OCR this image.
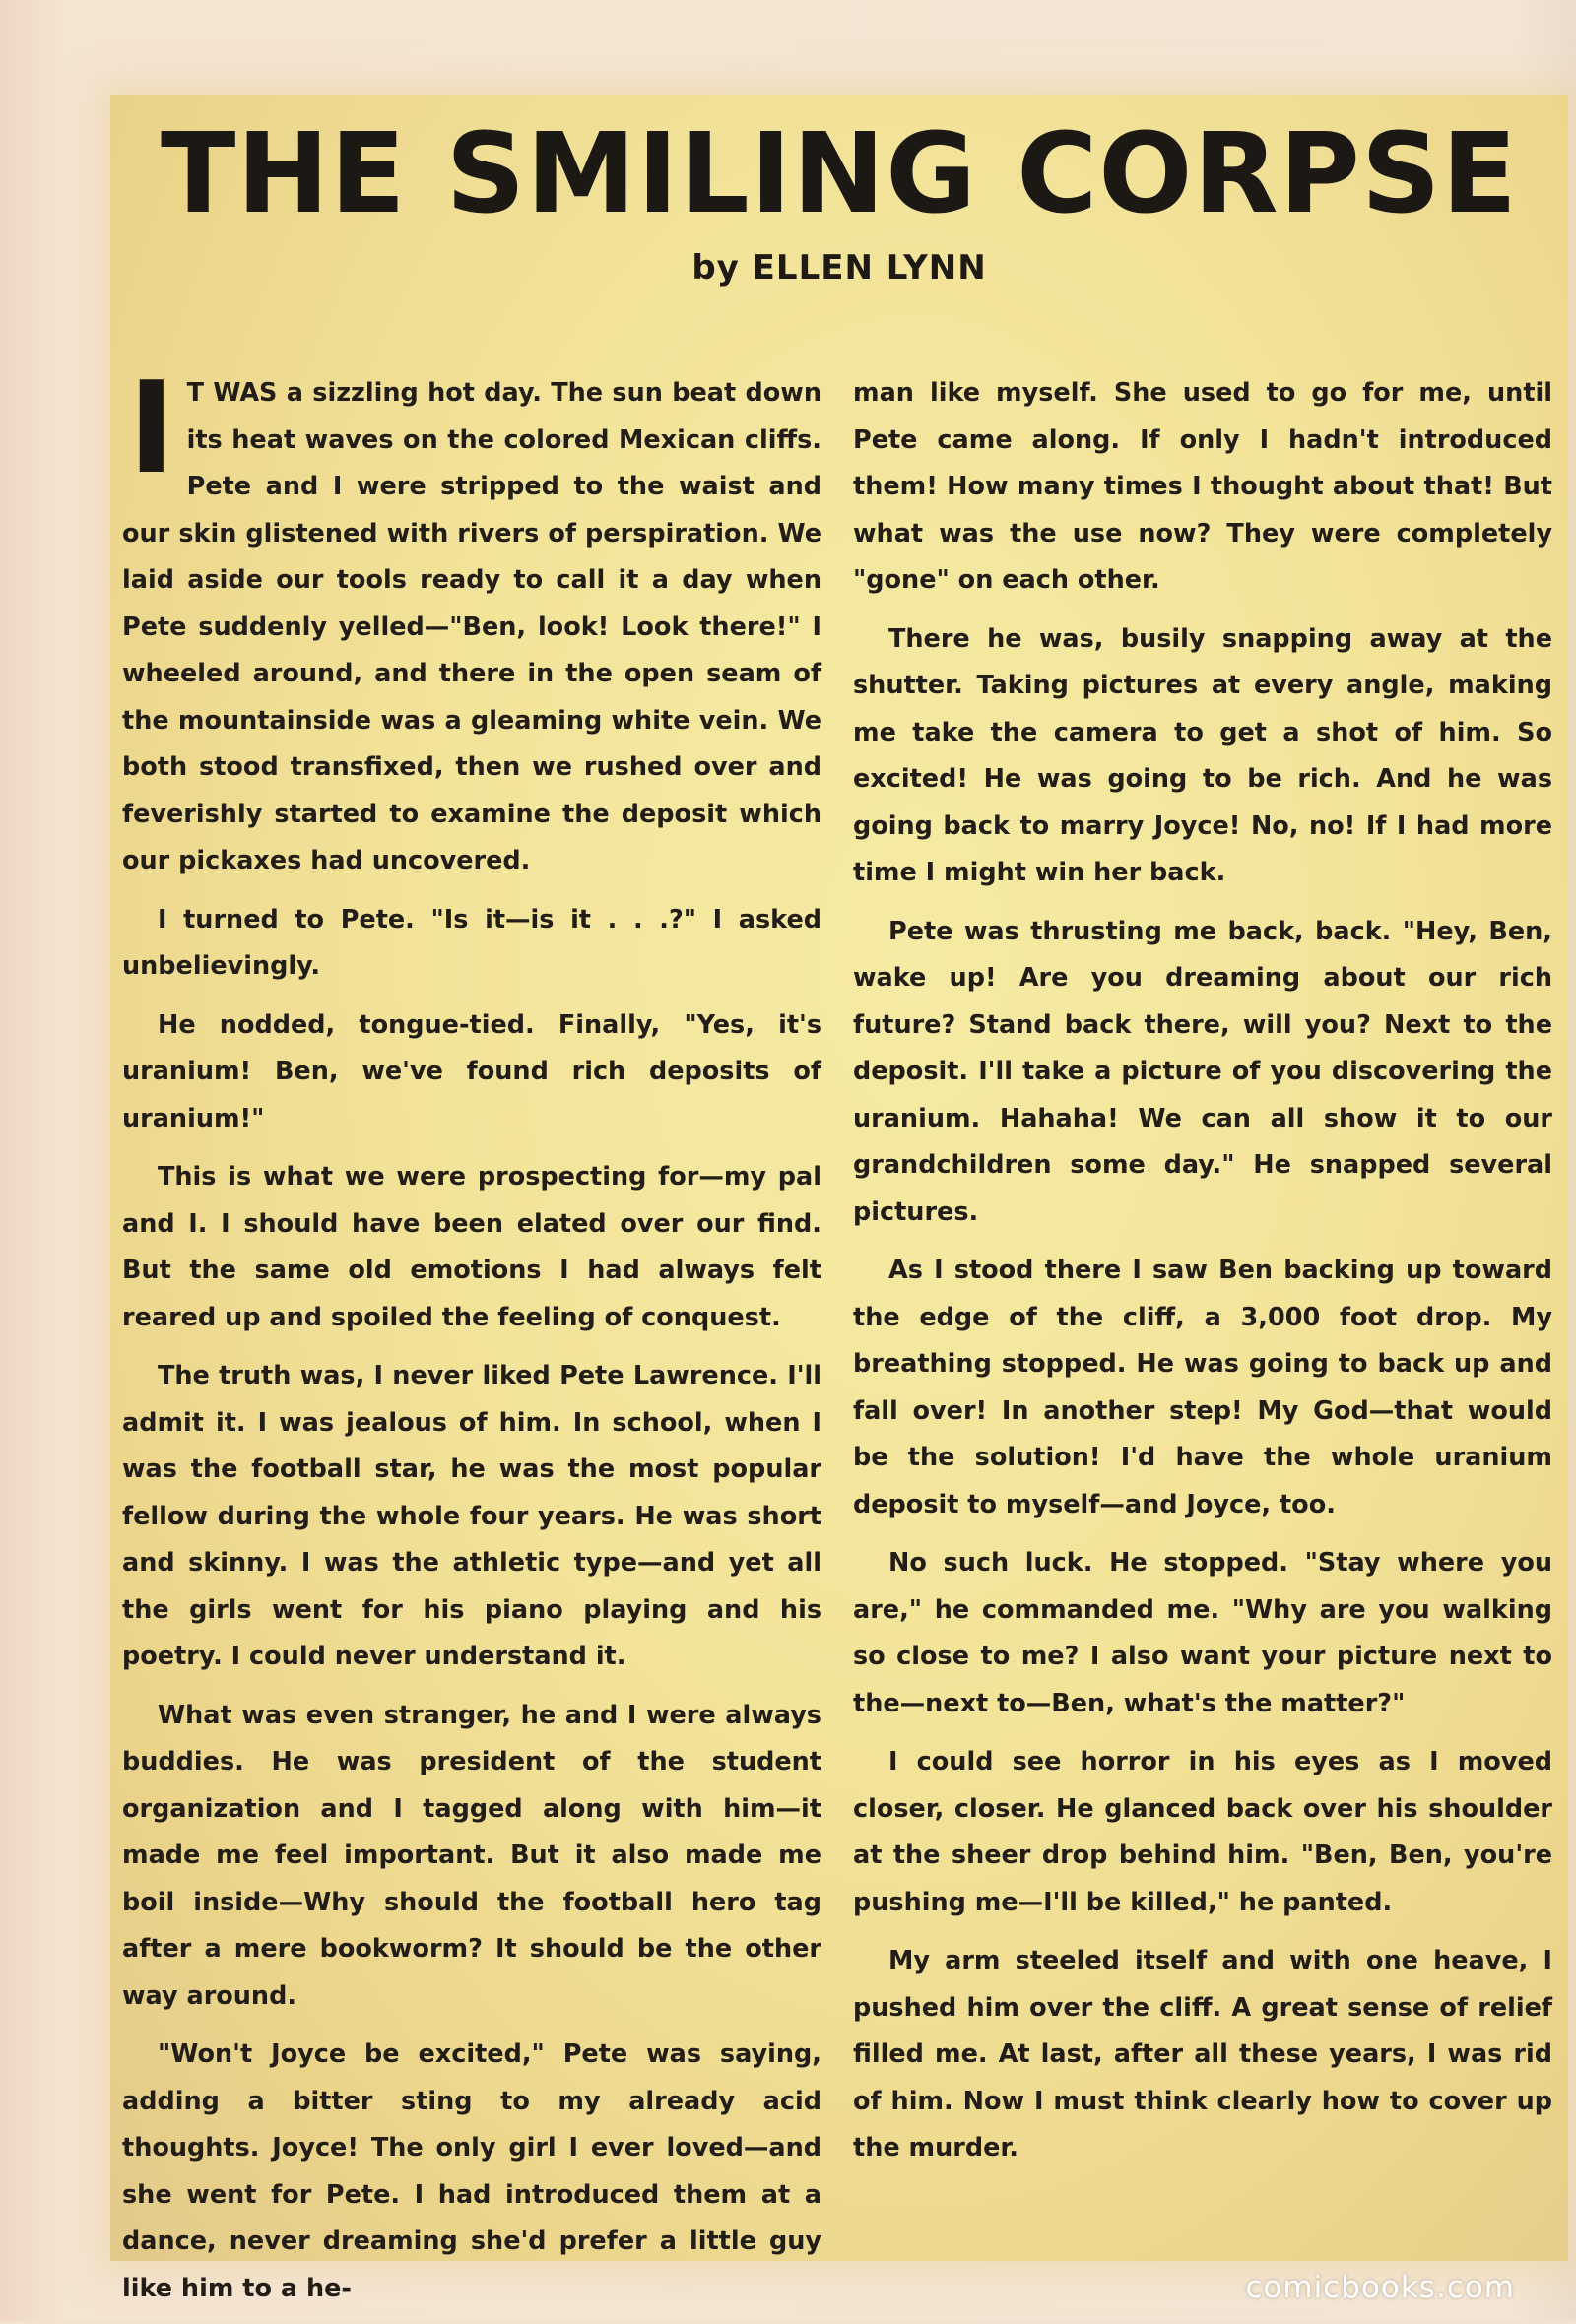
THE SMILING CORPSE
by ELLEN LYNN

I T WAS a sizzling hot day. The sun beat down its heat waves on the colored Mexican cliffs. Pete and I were stripped to the waist and our skin glistened with rivers of perspiration. We laid aside our tools ready to call it a day when Pete suddenly yelled—"Ben, look! Look there!" I wheeled around, and there in the open seam of the mountainside was a gleaming white vein. We both stood transfixed, then we rushed over and feverishly started to examine the deposit which our pickaxes had uncovered.

I turned to Pete. "Is it—is it . . .?" I asked unbelievingly.

He nodded, tongue-tied. Finally, "Yes, it's uranium! Ben, we've found rich deposits of uranium!"

This is what we were prospecting for—my pal and I. I should have been elated over our find. But the same old emotions I had always felt reared up and spoiled the feeling of conquest.

The truth was, I never liked Pete Lawrence. I'll admit it. I was jealous of him. In school, when I was the football star, he was the most popular fellow during the whole four years. He was short and skinny. I was the athletic type—and yet all the girls went for his piano playing and his poetry. I could never understand it.

What was even stranger, he and I were always buddies. He was president of the student organization and I tagged along with him—it made me feel important. But it also made me boil inside—Why should the football hero tag after a mere bookworm? It should be the other way around.

"Won't Joyce be excited," Pete was saying, adding a bitter sting to my already acid thoughts. Joyce! The only girl I ever loved—and she went for Pete. I had introduced them at a dance, never dreaming she'd prefer a little guy like him to a he-

man like myself. She used to go for me, until Pete came along. If only I hadn't introduced them! How many times I thought about that! But what was the use now? They were completely "gone" on each other.

There he was, busily snapping away at the shutter. Taking pictures at every angle, making me take the camera to get a shot of him. So excited! He was going to be rich. And he was going back to marry Joyce! No, no! If I had more time I might win her back.

Pete was thrusting me back, back. "Hey, Ben, wake up! Are you dreaming about our rich future? Stand back there, will you? Next to the deposit. I'll take a picture of you discovering the uranium. Hahaha! We can all show it to our grandchildren some day." He snapped several pictures.

As I stood there I saw Ben backing up toward the edge of the cliff, a 3,000 foot drop. My breathing stopped. He was going to back up and fall over! In another step! My God—that would be the solution! I'd have the whole uranium deposit to myself—and Joyce, too.

No such luck. He stopped. "Stay where you are," he commanded me. "Why are you walking so close to me? I also want your picture next to the—next to—Ben, what's the matter?"

I could see horror in his eyes as I moved closer, closer. He glanced back over his shoulder at the sheer drop behind him. "Ben, Ben, you're pushing me—I'll be killed," he panted.

My arm steeled itself and with one heave, I pushed him over the cliff. A great sense of relief filled me. At last, after all these years, I was rid of him. Now I must think clearly how to cover up the murder.

comicbooks.com
